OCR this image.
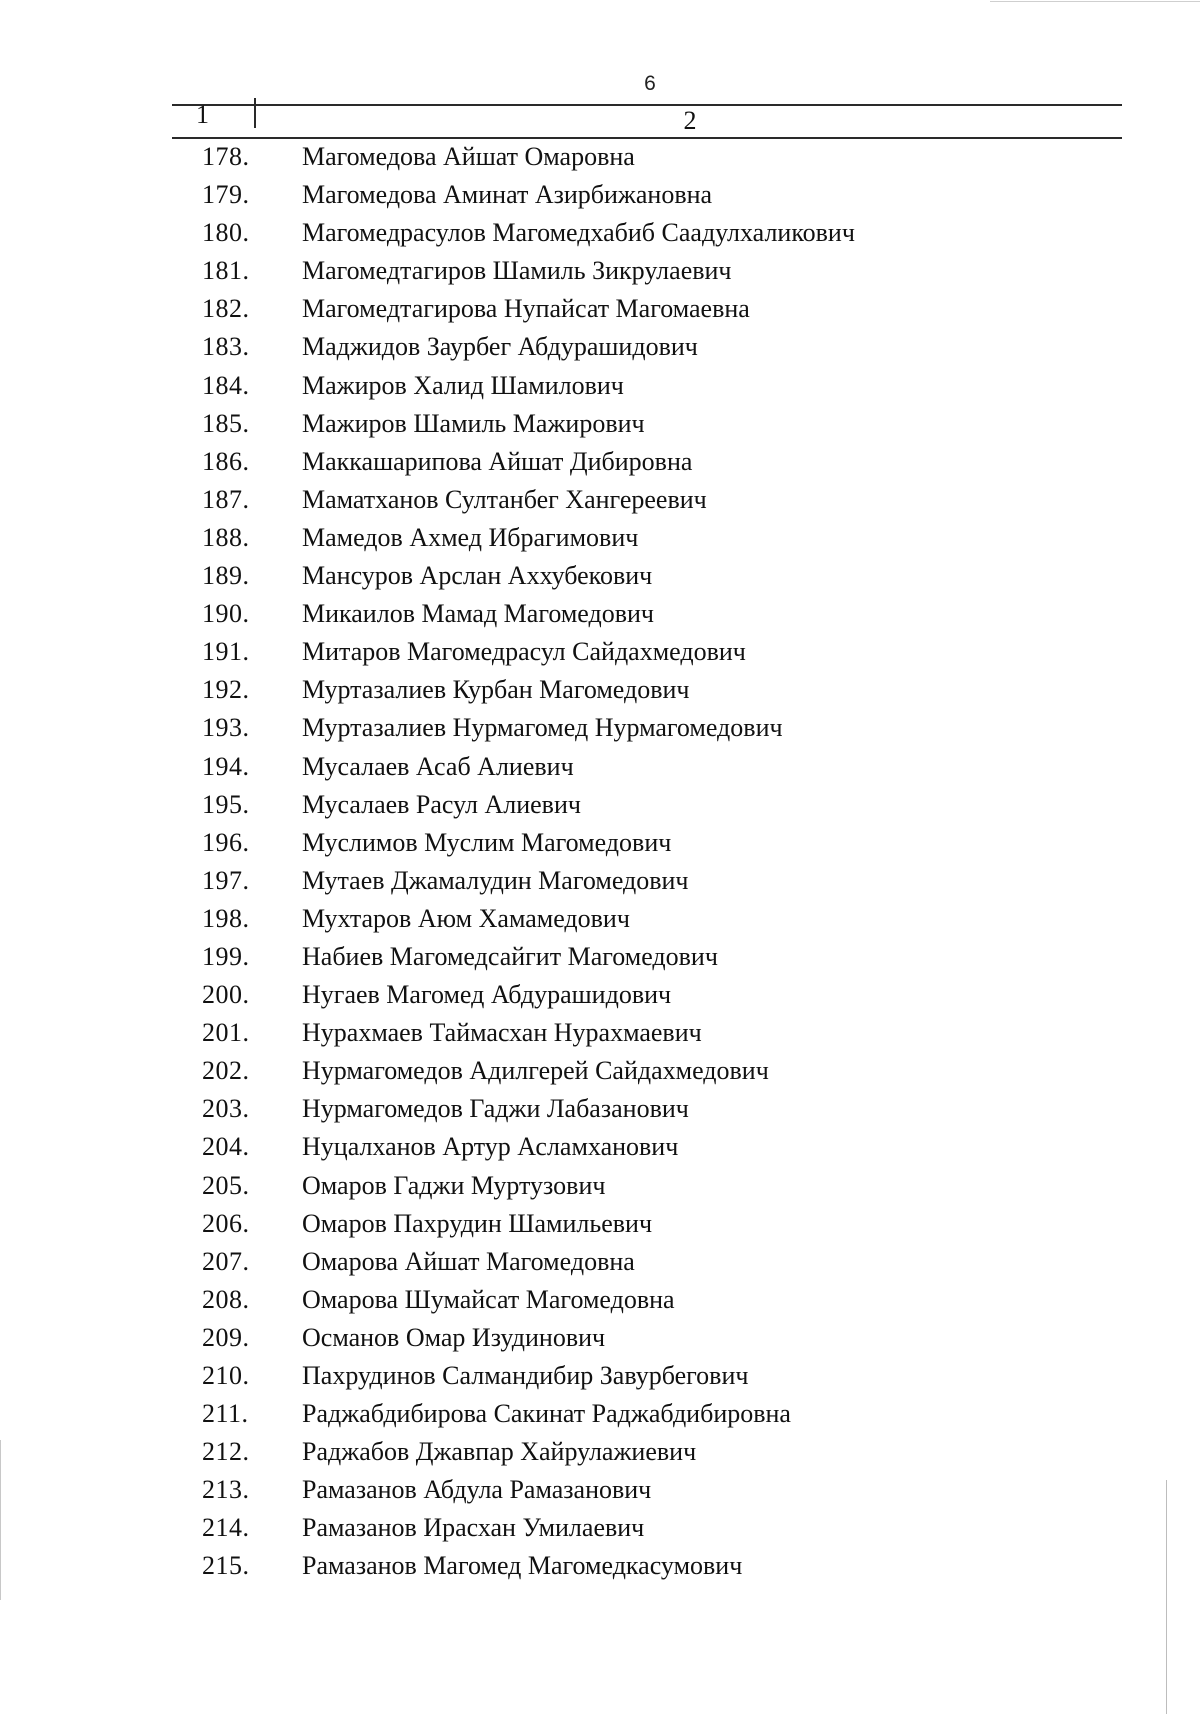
6
1	2
178.	Магомедова Айшат Омаровна
179.	Магомедова Аминат Азирбижановна
180.	Магомедрасулов Магомедхабиб Саадулхаликович
181.	Магомедтагиров Шамиль Зикрулаевич
182.	Магомедтагирова Нупайсат Магомаевна
183.	Маджидов Заурбег Абдурашидович
184.	Мажиров Халид Шамилович
185.	Мажиров Шамиль Мажирович
186.	Маккашарипова Айшат Дибировна
187.	Маматханов Султанбег Хангереевич
188.	Мамедов Ахмед Ибрагимович
189.	Мансуров Арслан Аххубекович
190.	Микаилов Мамад Магомедович
191.	Митаров Магомедрасул Сайдахмедович
192.	Муртазалиев Курбан Магомедович
193.	Муртазалиев Нурмагомед Нурмагомедович
194.	Мусалаев Асаб Алиевич
195.	Мусалаев Расул Алиевич
196.	Муслимов Муслим Магомедович
197.	Мутаев Джамалудин Магомедович
198.	Мухтаров Аюм Хамамедович
199.	Набиев Магомедсайгит Магомедович
200.	Нугаев Магомед Абдурашидович
201.	Нурахмаев Таймасхан Нурахмаевич
202.	Нурмагомедов Адилгерей Сайдахмедович
203.	Нурмагомедов Гаджи Лабазанович
204.	Нуцалханов Артур Асламханович
205.	Омаров Гаджи Муртузович
206.	Омаров Пахрудин Шамильевич
207.	Омарова Айшат Магомедовна
208.	Омарова Шумайсат Магомедовна
209.	Османов Омар Изудинович
210.	Пахрудинов Салмандибир Завурбегович
211.	Раджабдибирова Сакинат Раджабдибировна
212.	Раджабов Джавпар Хайрулажиевич
213.	Рамазанов Абдула Рамазанович
214.	Рамазанов Ирасхан Умилаевич
215.	Рамазанов Магомед Магомедкасумович
